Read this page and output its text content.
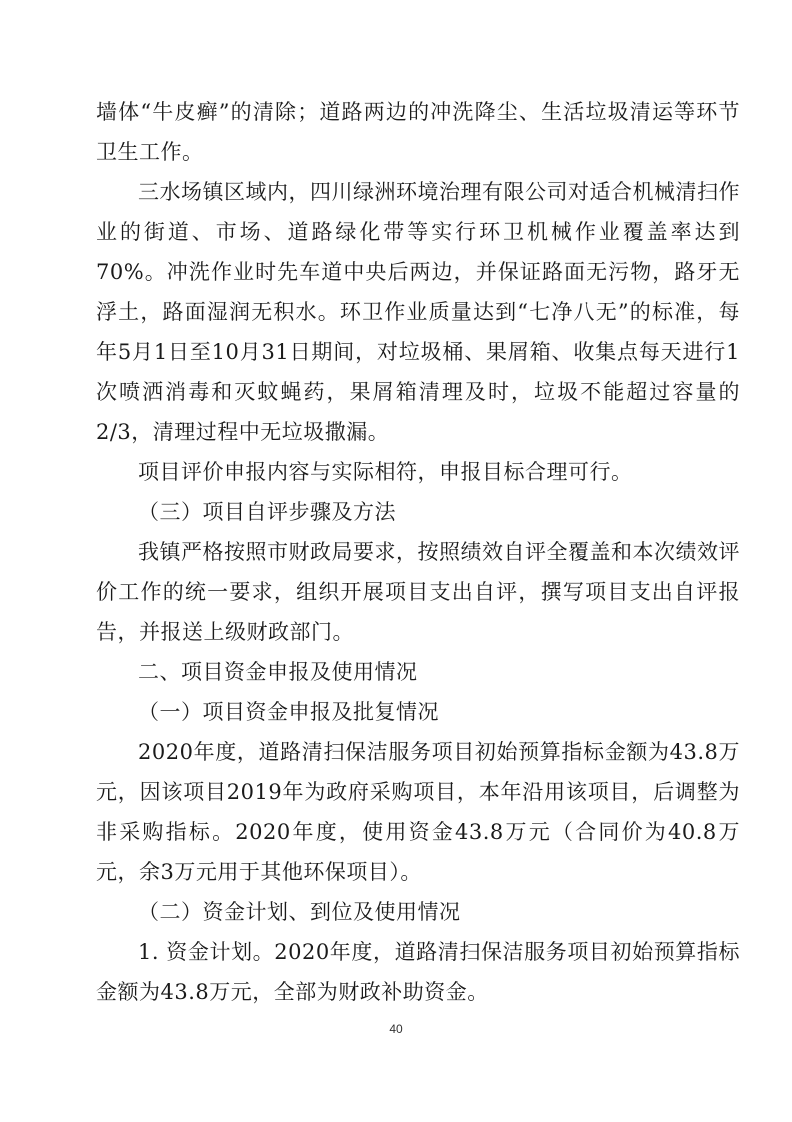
墙体“牛皮癣”的清除；道路两边的冲洗降尘、生活垃圾清运等环节卫生工作。

三水场镇区域内，四川绿洲环境治理有限公司对适合机械清扫作业的街道、市场、道路绿化带等实行环卫机械作业覆盖率达到70%。冲洗作业时先车道中央后两边，并保证路面无污物，路牙无浮土，路面湿润无积水。环卫作业质量达到“七净八无”的标准，每年5月1日至10月31日期间，对垃圾桶、果屑箱、收集点每天进行1次喷洒消毒和灭蚊蝇药，果屑箱清理及时，垃圾不能超过容量的2/3，清理过程中无垃圾撒漏。

项目评价申报内容与实际相符，申报目标合理可行。

（三）项目自评步骤及方法

我镇严格按照市财政局要求，按照绩效自评全覆盖和本次绩效评价工作的统一要求，组织开展项目支出自评，撰写项目支出自评报告，并报送上级财政部门。

二、项目资金申报及使用情况

（一）项目资金申报及批复情况

2020年度，道路清扫保洁服务项目初始预算指标金额为43.8万元，因该项目2019年为政府采购项目，本年沿用该项目，后调整为非采购指标。2020年度，使用资金43.8万元（合同价为40.8万元，余3万元用于其他环保项目）。

（二）资金计划、到位及使用情况

1. 资金计划。2020年度，道路清扫保洁服务项目初始预算指标金额为43.8万元，全部为财政补助资金。

40
